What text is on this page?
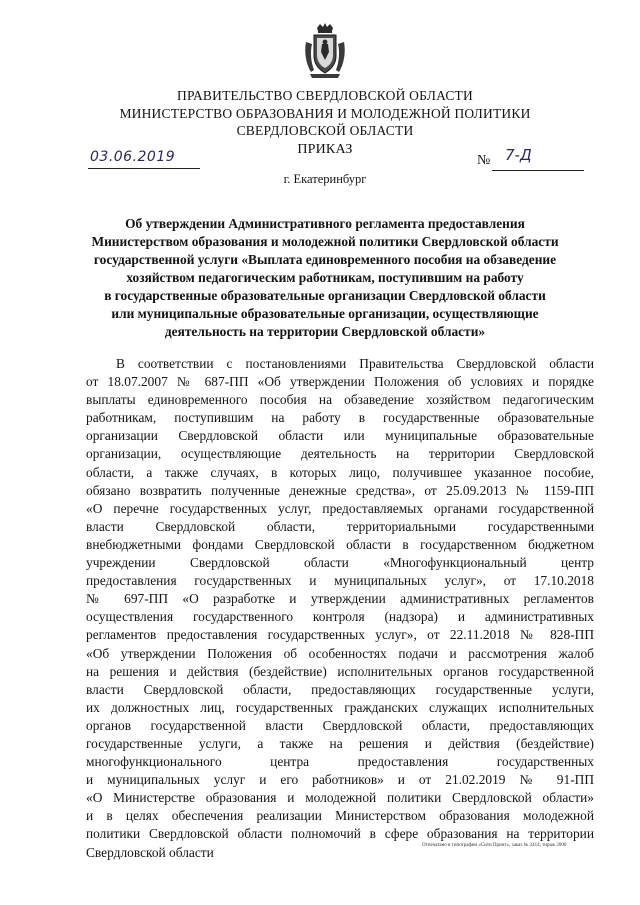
ПРАВИТЕЛЬСТВО СВЕРДЛОВСКОЙ ОБЛАСТИ
МИНИСТЕРСТВО ОБРАЗОВАНИЯ И МОЛОДЕЖНОЙ ПОЛИТИКИ
СВЕРДЛОВСКОЙ ОБЛАСТИ
ПРИКАЗ
03.06.2019	№ 7-Д
г. Екатеринбург
Об утверждении Административного регламента предоставления
Министерством образования и молодежной политики Свердловской области
государственной услуги «Выплата единовременного пособия на обзаведение
хозяйством педагогическим работникам, поступившим на работу
в государственные образовательные организации Свердловской области
или муниципальные образовательные организации, осуществляющие
деятельность на территории Свердловской области»
В соответствии с постановлениями Правительства Свердловской области
от 18.07.2007 № 687-ПП «Об утверждении Положения об условиях и порядке
выплаты единовременного пособия на обзаведение хозяйством педагогическим
работникам, поступившим на работу в государственные образовательные
организации Свердловской области или муниципальные образовательные
организации, осуществляющие деятельность на территории Свердловской
области, а также случаях, в которых лицо, получившее указанное пособие,
обязано возвратить полученные денежные средства», от 25.09.2013 № 1159-ПП
«О перечне государственных услуг, предоставляемых органами государственной
власти Свердловской области, территориальными государственными
внебюджетными фондами Свердловской области в государственном бюджетном
учреждении Свердловской области «Многофункциональный центр
предоставления государственных и муниципальных услуг», от 17.10.2018
№ 697-ПП «О разработке и утверждении административных регламентов
осуществления государственного контроля (надзора) и административных
регламентов предоставления государственных услуг», от 22.11.2018 № 828-ПП
«Об утверждении Положения об особенностях подачи и рассмотрения жалоб
на решения и действия (бездействие) исполнительных органов государственной
власти Свердловской области, предоставляющих государственные услуги,
их должностных лиц, государственных гражданских служащих исполнительных
органов государственной власти Свердловской области, предоставляющих
государственные услуги, а также на решения и действия (бездействие)
многофункционального центра предоставления государственных
и муниципальных услуг и его работников» и от 21.02.2019 № 91-ПП
«О Министерстве образования и молодежной политики Свердловской области»
и в целях обеспечения реализации Министерством образования молодежной
политики Свердловской области полномочий в сфере образования на территории
Свердловской области	Отпечатано в типографии «Сити Принт», заказ № 3414, тираж 2000
